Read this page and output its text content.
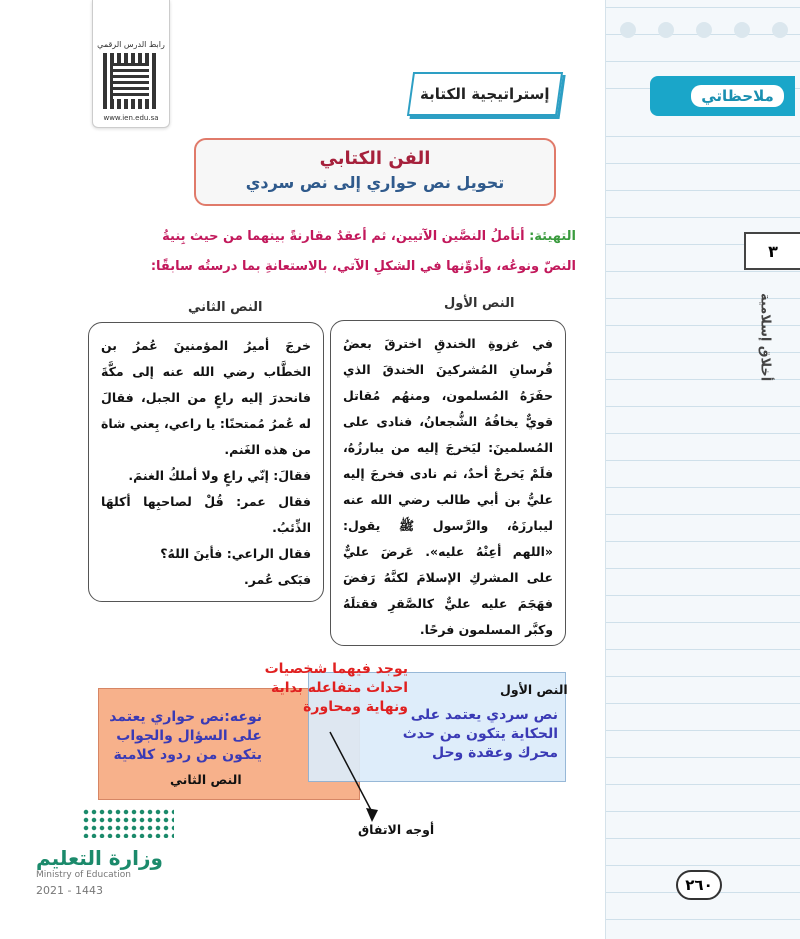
ملاحظاتي
٣
أخلاق إسلامية
رابط الدرس الرقمي
www.ien.edu.sa
إستراتيجية الكتابة
الفن الكتابي
تحويل نص حواري إلى نص سردي
التهيئة: أتأملُ النصَّين الآتيين، ثم أعقدُ مقارنةً بينهما من حيث بِنيةُ النصّ ونوعُه، وأدوِّنها في الشكلِ الآتي، بالاستعانةِ بما درستُه سابقًا:
النص الأول
النص الثاني
في غزوةِ الخندقِ اخترقَ بعضُ فُرسانِ المُشركينَ الخندقَ الذي حفَرَهُ المُسلمون، ومنهُم مُقاتل قويٌّ يخافُهُ الشُّجعانُ، فنادى على المُسلمينَ: ليَخرجَ إليه من يبارزُهُ، فلَمْ يَخرجْ أحدٌ، ثم نادى فخرجَ إليه عليُّ بن أبي طالب رضي الله عنه ليبارزَهُ، والرَّسول ﷺ يقول: «اللهم أعِنْهُ عليه». عَرضَ عليٌّ على المشركِ الإسلامَ لكنَّهُ رَفضَ فهَجَمَ عليه عليٌّ كالصَّقرِ فقتلَهُ وكبَّر المسلمون فرحًا.
خرجَ أميرُ المؤمنينَ عُمرُ بن الخطَّاب رضي الله عنه إلى مكَّةَ فانحدرَ إليه راعٍ من الجبل، فقالَ له عُمرُ مُمتحنًا: يا راعي، بِعني شاة من هذه الغَنم.
فقالَ: إنّي راعٍ ولا أملكُ الغنمَ.
فقال عمر: قُلْ لصاحبِها أكلهَا الذِّئبُ.
فقال الراعي: فأينَ اللهُ؟
فبَكى عُمر.
النص الأول
نص سردي يعتمد على الحكاية يتكون من حدث محرك وعقدة وحل
نوعه:نص حواري يعتمد على السؤال والجواب يتكون من ردود كلامية
النص الثاني
يوجد فيهما شخصيات احداث متفاعله بداية ونهاية ومحاورة
أوجه الاتفاق
وزارة التعليم
Ministry of Education
2021 - 1443	٢٦٠
